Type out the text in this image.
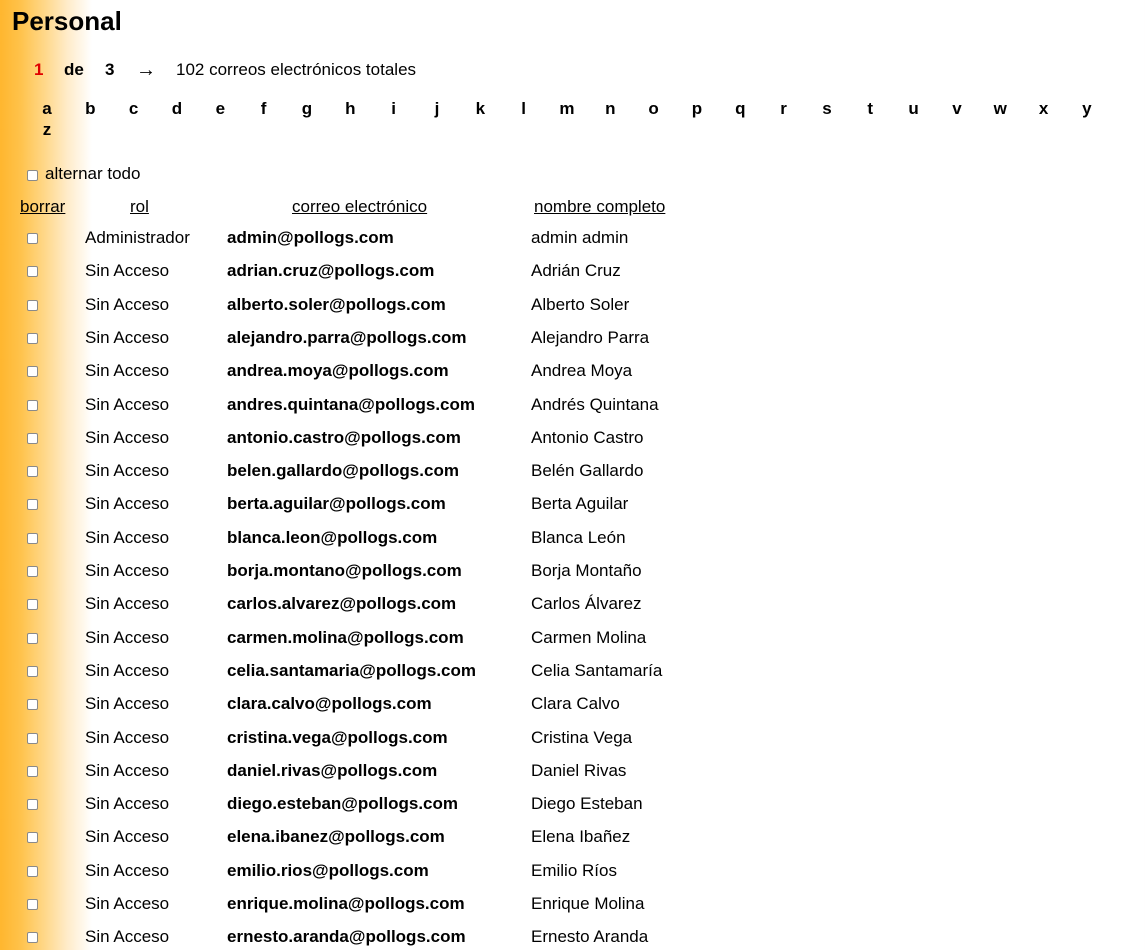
Personal
1 de 3 → 102 correos electrónicos totales
a b c d e f g h i j k l m n o p q r s t u v w x y
z
alternar todo
borrar	rol	correo electrónico	nombre completo
Administrador admin@pollogs.com	admin admin
Sin Acceso	adrian.cruz@pollogs.com	Adrián Cruz
Sin Acceso	alberto.soler@pollogs.com	Alberto Soler
Sin Acceso	alejandro.parra@pollogs.com	Alejandro Parra
Sin Acceso	andrea.moya@pollogs.com	Andrea Moya
Sin Acceso	andres.quintana@pollogs.com	Andrés Quintana
Sin Acceso	antonio.castro@pollogs.com	Antonio Castro
Sin Acceso	belen.gallardo@pollogs.com	Belén Gallardo
Sin Acceso	berta.aguilar@pollogs.com	Berta Aguilar
Sin Acceso	blanca.leon@pollogs.com	Blanca León
Sin Acceso	borja.montano@pollogs.com	Borja Montaño
Sin Acceso	carlos.alvarez@pollogs.com	Carlos Álvarez
Sin Acceso	carmen.molina@pollogs.com	Carmen Molina
Sin Acceso	celia.santamaria@pollogs.com	Celia Santamaría
Sin Acceso	clara.calvo@pollogs.com	Clara Calvo
Sin Acceso	cristina.vega@pollogs.com	Cristina Vega
Sin Acceso	daniel.rivas@pollogs.com	Daniel Rivas
Sin Acceso	diego.esteban@pollogs.com	Diego Esteban
Sin Acceso	elena.ibanez@pollogs.com	Elena Ibañez
Sin Acceso	emilio.rios@pollogs.com	Emilio Ríos
Sin Acceso	enrique.molina@pollogs.com	Enrique Molina
Sin Acceso	ernesto.aranda@pollogs.com	Ernesto Aranda
